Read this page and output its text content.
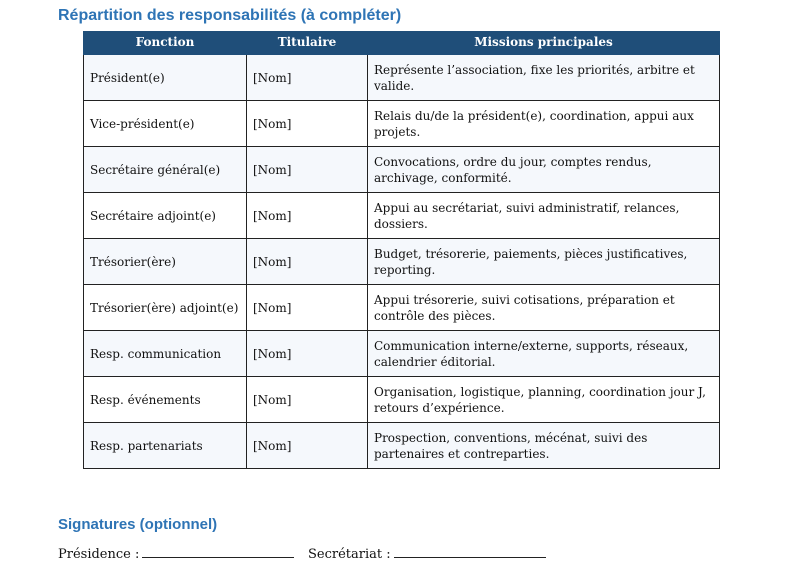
Répartition des responsabilités (à compléter)
Fonction	Titulaire	Missions principales
Président(e)	[Nom]	Représente l’association, fixe les priorités, arbitre et valide.
Vice-président(e)	[Nom]	Relais du/de la président(e), coordination, appui aux projets.
Secrétaire général(e)	[Nom]	Convocations, ordre du jour, comptes rendus, archivage, conformité.
Secrétaire adjoint(e)	[Nom]	Appui au secrétariat, suivi administratif, relances, dossiers.
Trésorier(ère)	[Nom]	Budget, trésorerie, paiements, pièces justificatives, reporting.
Trésorier(ère) adjoint(e)	[Nom]	Appui trésorerie, suivi cotisations, préparation et contrôle des pièces.
Resp. communication	[Nom]	Communication interne/externe, supports, réseaux, calendrier éditorial.
Resp. événements	[Nom]	Organisation, logistique, planning, coordination jour J, retours d’expérience.
Resp. partenariats	[Nom]	Prospection, conventions, mécénat, suivi des partenaires et contreparties.
Signatures (optionnel)
Présidence :	Secrétariat :
